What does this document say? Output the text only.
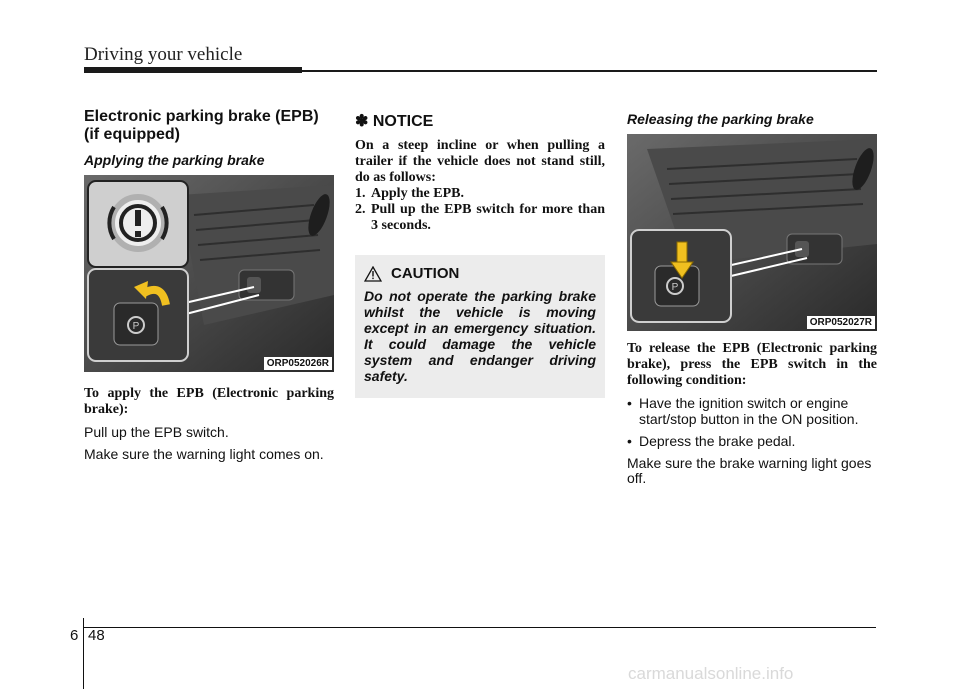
Driving your vehicle
Electronic parking brake (EPB)
(if equipped)
Applying the parking brake
P
ORP052026R
To apply the EPB (Electronic parking brake):
Pull up the EPB switch.
Make sure the warning light comes on.
✽ NOTICE
On a steep incline or when pulling a trailer if the vehicle does not stand still, do as follows:
1. Apply the EPB.
2. Pull up the EPB switch for more than 3 seconds.
CAUTION
Do not operate the parking brake whilst the vehicle is moving except in an emergency situation. It could damage the vehicle system and endanger driving safety.
Releasing the parking brake
P
ORP052027R
To release the EPB (Electronic parking brake), press the EPB switch in the following condition:
• Have the ignition switch or engine start/stop button in the ON position.
• Depress the brake pedal.
Make sure the brake warning light goes off.
6 48
carmanualsonline.info
